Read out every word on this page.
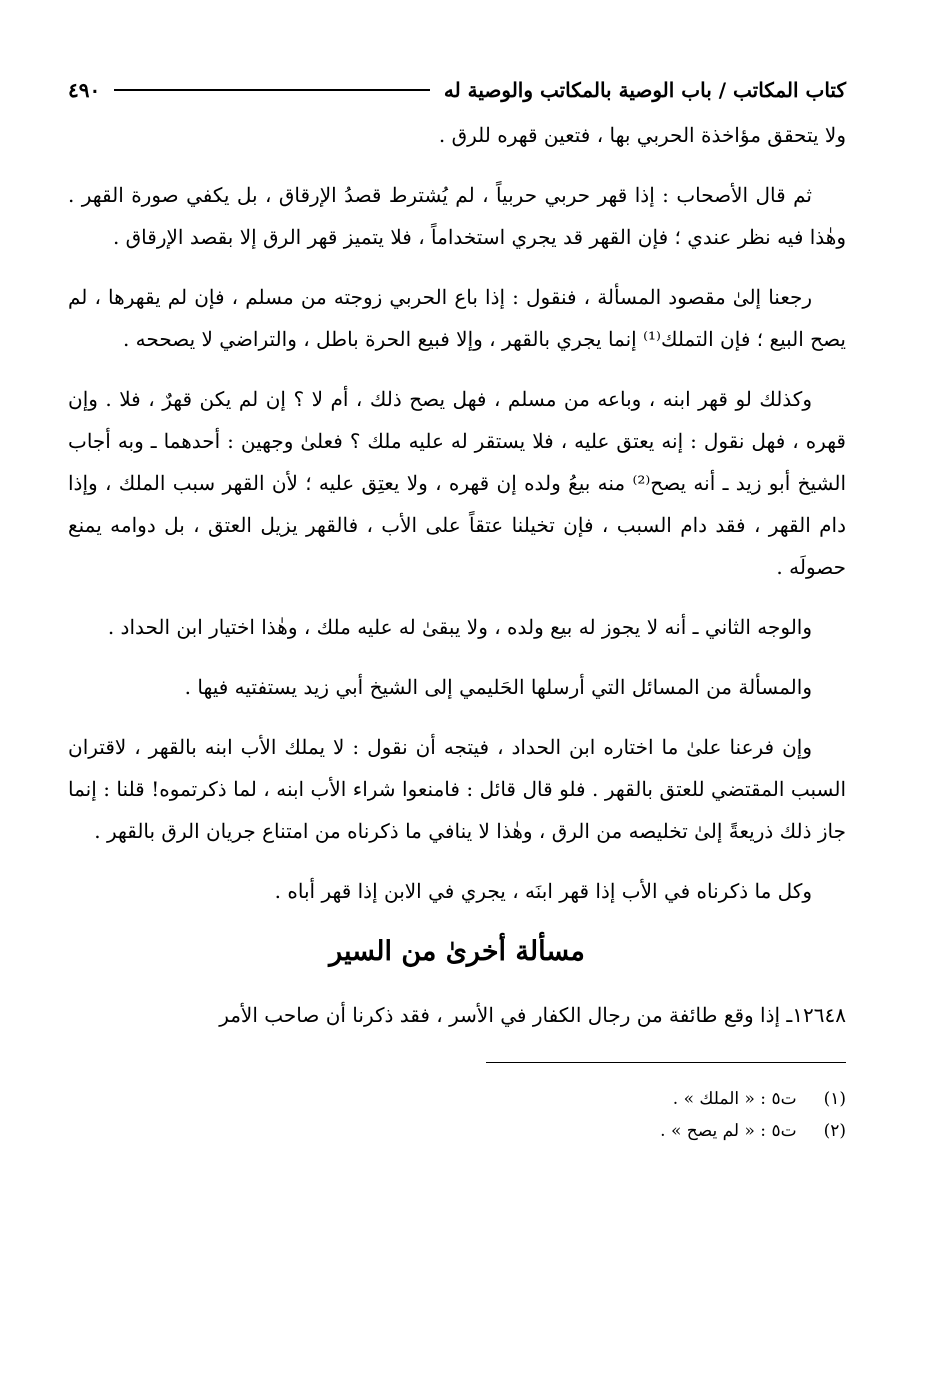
٤٩٠	كتاب المكاتب / باب الوصية بالمكاتب والوصية له

ولا يتحقق مؤاخذة الحربي بها ، فتعين قهره للرق .

ثم قال الأصحاب : إذا قهر حربي حربياً ، لم يُشترط قصدُ الإرقاق ، بل يكفي صورة القهر . وهٰذا فيه نظر عندي ؛ فإن القهر قد يجري استخداماً ، فلا يتميز قهر الرق إلا بقصد الإرقاق .

رجعنا إلىٰ مقصود المسألة ، فنقول : إذا باع الحربي زوجته من مسلم ، فإن لم يقهرها ، لم يصح البيع ؛ فإن التملك⁽¹⁾ إنما يجري بالقهر ، وإلا فبيع الحرة باطل ، والتراضي لا يصححه .

وكذلك لو قهر ابنه ، وباعه من مسلم ، فهل يصح ذلك ، أم لا ؟ إن لم يكن قهرٌ ، فلا . وإن قهره ، فهل نقول : إنه يعتق عليه ، فلا يستقر له عليه ملك ؟ فعلىٰ وجهين : أحدهما ـ وبه أجاب الشيخ أبو زيد ـ أنه يصح⁽²⁾ منه بيعُ ولده إن قهره ، ولا يعتِق عليه ؛ لأن القهر سبب الملك ، وإذا دام القهر ، فقد دام السبب ، فإن تخيلنا عتقاً على الأب ، فالقهر يزيل العتق ، بل دوامه يمنع حصولَه .

والوجه الثاني ـ أنه لا يجوز له بيع ولده ، ولا يبقىٰ له عليه ملك ، وهٰذا اختيار ابن الحداد .

والمسألة من المسائل التي أرسلها الحَليمي إلى الشيخ أبي زيد يستفتيه فيها .

وإن فرعنا علىٰ ما اختاره ابن الحداد ، فيتجه أن نقول : لا يملك الأب ابنه بالقهر ، لاقتران السبب المقتضي للعتق بالقهر . فلو قال قائل : فامنعوا شراء الأب ابنه ، لما ذكرتموه! قلنا : إنما جاز ذلك ذريعةً إلىٰ تخليصه من الرق ، وهٰذا لا ينافي ما ذكرناه من امتناع جريان الرق بالقهر .

وكل ما ذكرناه في الأب إذا قهر ابنَه ، يجري في الابن إذا قهر أباه .

مسألة أخرىٰ من السير

١٢٦٤٨ـ إذا وقع طائفة من رجال الكفار في الأسر ، فقد ذكرنا أن صاحب الأمر

(١) ت٥ : « الملك » .
(٢) ت٥ : « لم يصح » .
